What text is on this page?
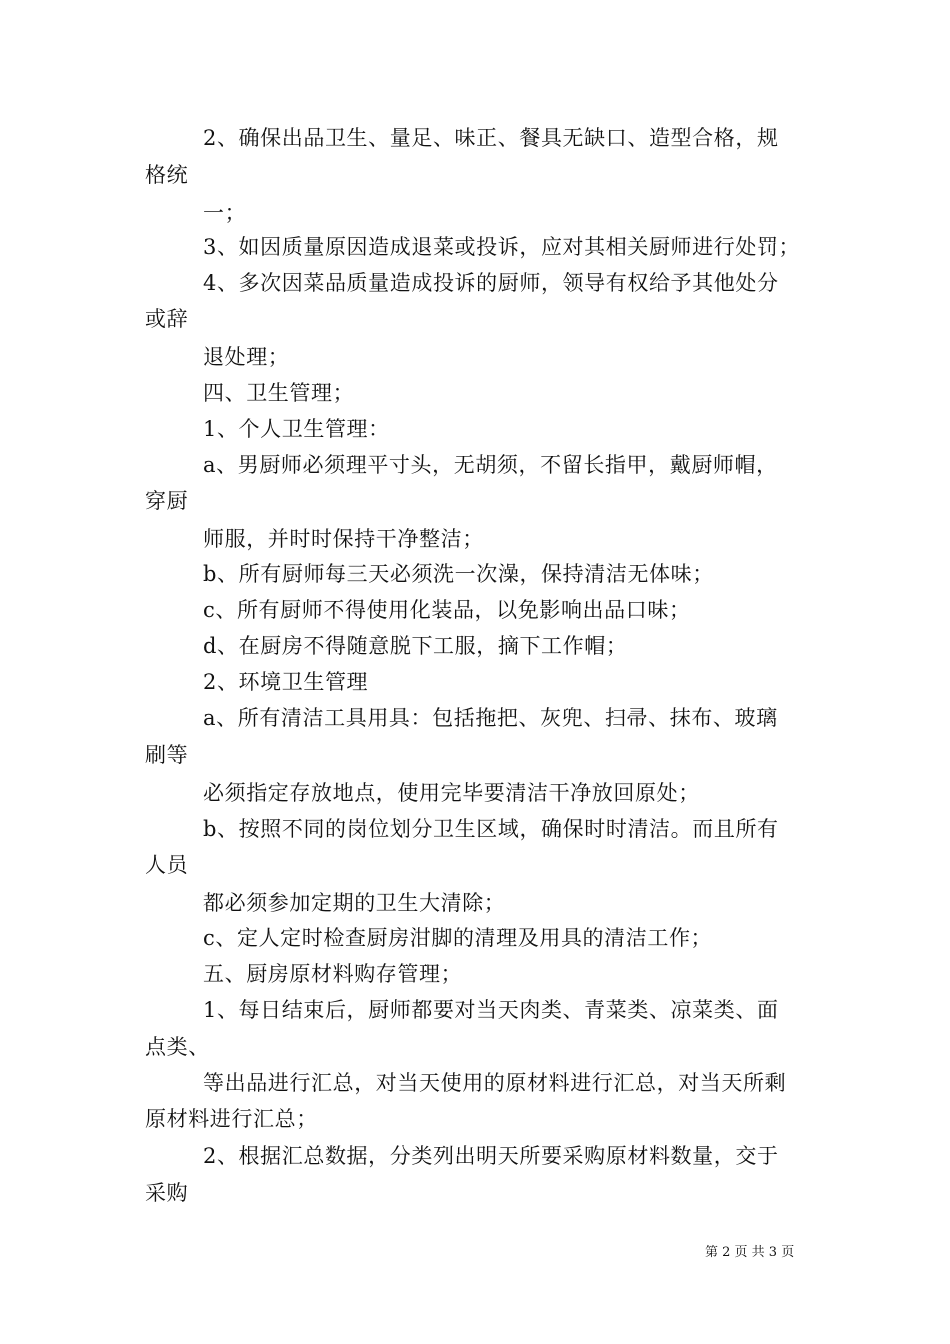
2、确保出品卫生、量足、味正、餐具无缺口、造型合格，规
格统
一；
3、如因质量原因造成退菜或投诉，应对其相关厨师进行处罚；
4、多次因菜品质量造成投诉的厨师，领导有权给予其他处分
或辞
退处理；
四、卫生管理；
1、个人卫生管理：
a、男厨师必须理平寸头，无胡须，不留长指甲，戴厨师帽，
穿厨
师服，并时时保持干净整洁；
b、所有厨师每三天必须洗一次澡，保持清洁无体味；
c、所有厨师不得使用化装品，以免影响出品口味；
d、在厨房不得随意脱下工服，摘下工作帽；
2、环境卫生管理
a、所有清洁工具用具：包括拖把、灰兜、扫帚、抹布、玻璃
刷等
必须指定存放地点，使用完毕要清洁干净放回原处；
b、按照不同的岗位划分卫生区域，确保时时清洁。而且所有
人员
都必须参加定期的卫生大清除；
c、定人定时检查厨房泔脚的清理及用具的清洁工作；
五、厨房原材料购存管理；
1、每日结束后，厨师都要对当天肉类、青菜类、凉菜类、面
点类、
等出品进行汇总，对当天使用的原材料进行汇总，对当天所剩
原材料进行汇总；
2、根据汇总数据，分类列出明天所要采购原材料数量，交于
采购
第 2 页 共 3 页
